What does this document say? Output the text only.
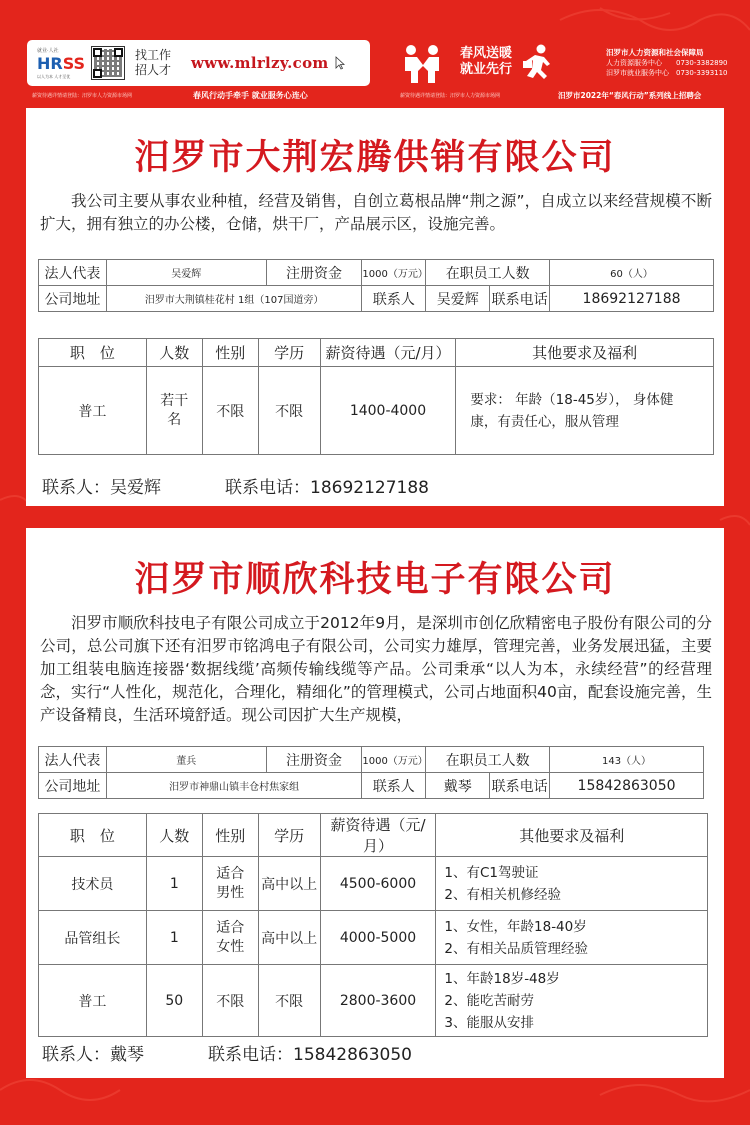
就业·人社
HRSS
以人为本 人才至优
找工作
招人才	www.mlrlzy.com
薪资待遇详情请登陆：汨罗市人力资源市场网	春风行动手牵手 就业服务心连心
春风送暖
就业先行
汨罗市人力资源和社会保障局
人力资源服务中心　　 0730-3382890
汨罗市就业服务中心　 0730-3393110
薪资待遇详情请登陆：汨罗市人力资源市场网	汨罗市2022年“春风行动”系列线上招聘会
汨罗市大荆宏腾供销有限公司
我公司主要从事农业种植，经营及销售，自创立葛根品牌“荆之源”，自成立以来经营规模不断扩大，拥有独立的办公楼，仓储，烘干厂，产品展示区，设施完善。
法人代表	吴爱辉	注册资金	1000（万元）	在职员工人数		60（人）
公司地址	汨罗市大荆镇桂花村 1组（107国道旁）		联系人	吴爱辉	联系电话	18692127188
职　位	人数	性别	学历	薪资待遇（元/月）	其他要求及福利
普工	若干名	不限	不限	1400-4000	要求： 年龄（18-45岁）， 身体健康，有责任心，服从管理
联系人：吴爱辉	联系电话：18692127188
汨罗市顺欣科技电子有限公司
汨罗市顺欣科技电子有限公司成立于2012年9月，是深圳市创亿欣精密电子股份有限公司的分公司，总公司旗下还有汨罗市铭鸿电子有限公司，公司实力雄厚，管理完善，业务发展迅猛，主要加工组装电脑连接器‘数据线缆’高频传输线缆等产品。公司秉承“以人为本，永续经营”的经营理念，实行“人性化，规范化，合理化，精细化”的管理模式，公司占地面积40亩，配套设施完善，生产设备精良，生活环境舒适。现公司因扩大生产规模，
法人代表	董兵	注册资金	1000（万元）	在职员工人数		143（人）
公司地址	汨罗市神鼎山镇丰仓村焦家组		联系人	戴琴	联系电话	15842863050
职　位	人数	性别	学历	薪资待遇（元/月）	其他要求及福利
技术员	1	适合男性	高中以上	4500-6000	1、有C1驾驶证
2、有相关机修经验

品管组长	1	适合女性	高中以上	4000-5000	1、女性，年龄18-40岁
2、有相关品质管理经验

普工	50	不限	不限	2800-3600	1、年龄18岁-48岁
2、能吃苦耐劳
3、能服从安排
联系人：戴琴	联系电话：15842863050
